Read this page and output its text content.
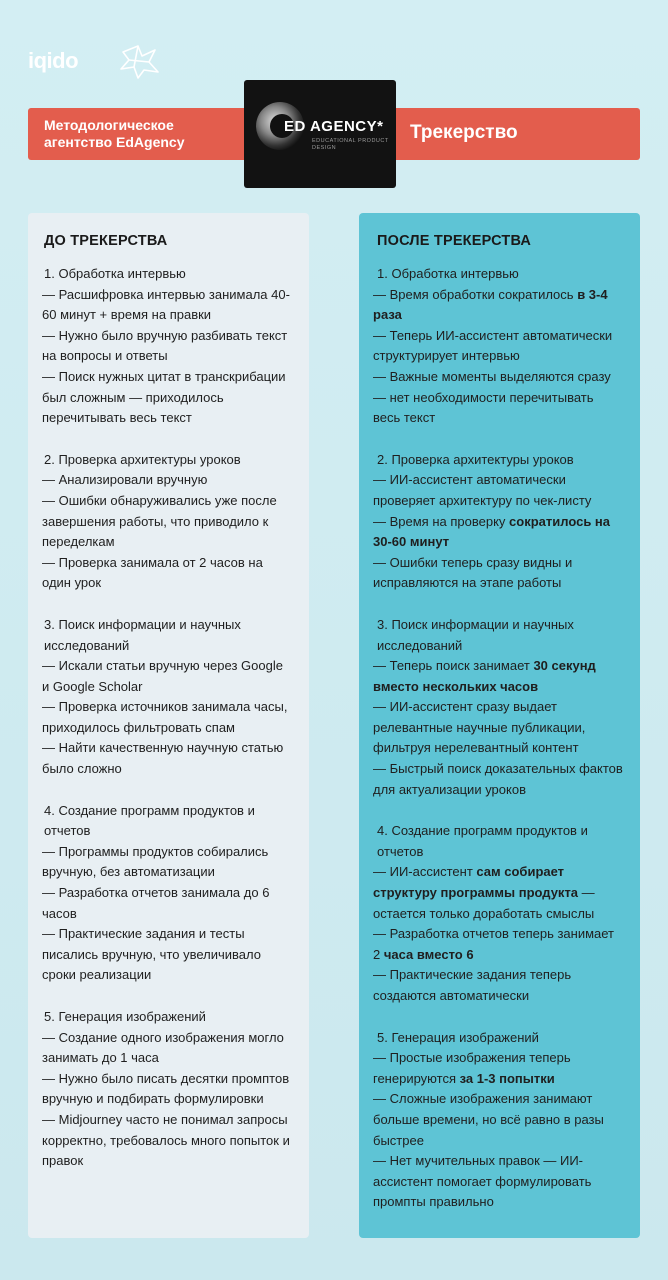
iqido
Методологическое агентство EdAgency	Трекерство
ED AGENCY*
EDUCATIONAL PRODUCT DESIGN
ДО ТРЕКЕРСТВА
1. Обработка интервью
— Расшифровка интервью занимала 40-60 минут + время на правки
— Нужно было вручную разбивать текст на вопросы и ответы
— Поиск нужных цитат в транскрибации был сложным — приходилось перечитывать весь текст
2. Проверка архитектуры уроков
— Анализировали вручную
— Ошибки обнаруживались уже после завершения работы, что приводило к переделкам
— Проверка занимала от 2 часов на один урок
3. Поиск информации и научных исследований
— Искали статьи вручную через Google и Google Scholar
— Проверка источников занимала часы, приходилось фильтровать спам
— Найти качественную научную статью было сложно
4. Создание программ продуктов и отчетов
— Программы продуктов собирались вручную, без автоматизации
— Разработка отчетов занимала до 6 часов
— Практические задания и тесты писались вручную, что увеличивало сроки реализации
5. Генерация изображений
— Создание одного изображения могло занимать до 1 часа
— Нужно было писать десятки промптов вручную и подбирать формулировки
— Midjourney часто не понимал запросы корректно, требовалось много попыток и правок
ПОСЛЕ ТРЕКЕРСТВА
1. Обработка интервью
— Время обработки сократилось в 3-4 раза
— Теперь ИИ-ассистент автоматически структурирует интервью
— Важные моменты выделяются сразу — нет необходимости перечитывать весь текст
2. Проверка архитектуры уроков
— ИИ-ассистент автоматически проверяет архитектуру по чек-листу
— Время на проверку сократилось на 30-60 минут
— Ошибки теперь сразу видны и исправляются на этапе работы
3. Поиск информации и научных исследований
— Теперь поиск занимает 30 секунд вместо нескольких часов
— ИИ-ассистент сразу выдает релевантные научные публикации, фильтруя нерелевантный контент
— Быстрый поиск доказательных фактов для актуализации уроков
4. Создание программ продуктов и отчетов
— ИИ-ассистент сам собирает структуру программы продукта — остается только доработать смыслы
— Разработка отчетов теперь занимает 2 часа вместо 6
— Практические задания теперь создаются автоматически
5. Генерация изображений
— Простые изображения теперь генерируются за 1-3 попытки
— Сложные изображения занимают больше времени, но всё равно в разы быстрее
— Нет мучительных правок — ИИ-ассистент помогает формулировать промпты правильно
